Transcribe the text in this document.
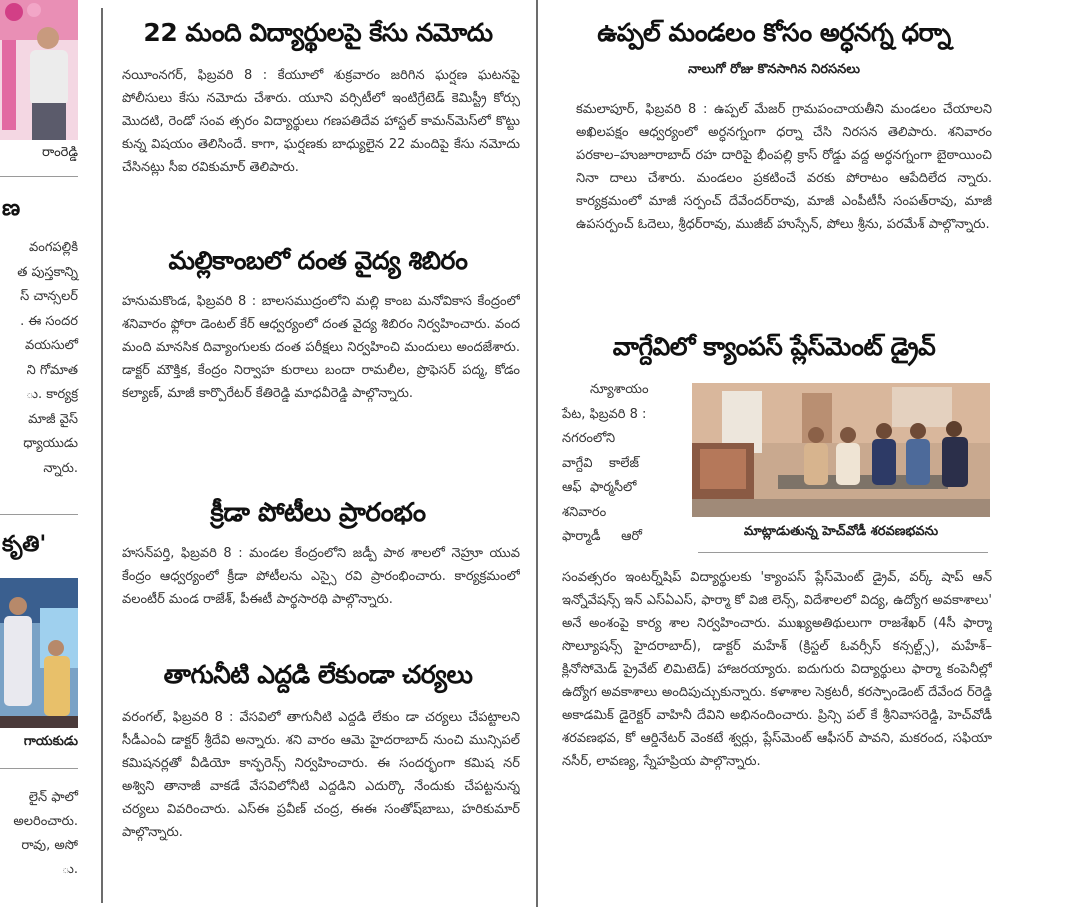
రాంరెడ్డి
ణ
వంగపల్లికి
త పుస్తకాన్ని
స్ చాన్సలర్
. ఈ సందర
వయసులో
ని గోమాత
ు. కార్యక్ర
మాజీ వైస్
ధ్యాయుడు
న్నారు.
కృతి'
గాయకుడు
లైన్ ఫాలో
అలరించారు.
రావు, అసో
ు.
22 మంది విద్యార్థులపై కేసు నమోదు

నయీంనగర్, ఫిబ్రవరి 8 : కేయూలో శుక్రవారం జరిగిన ఘర్షణ ఘటనపై పోలీసులు కేసు నమోదు చేశారు. యూని వర్సిటీలో ఇంటిగ్రేటెడ్ కెమిస్ట్రీ కోర్సు మొదటి, రెండో సంవ త్సరం విద్యార్థులు గణపతిదేవ హాస్టల్ కామన్‌మెస్‌లో కొట్టు కున్న విషయం తెలిసిందే. కాగా, ఘర్షణకు బాధ్యులైన 22 మందిపై కేసు నమోదు చేసినట్లు సీఐ రవికుమార్ తెలిపారు.

మల్లికాంబలో దంత వైద్య శిబిరం

హనుమకొండ, ఫిబ్రవరి 8 : బాలసముద్రంలోని మల్లి కాంబ మనోవికాస కేంద్రంలో శనివారం ఫ్లోరా డెంటల్ కేర్ ఆధ్వర్యంలో దంత వైద్య శిబిరం నిర్వహించారు. వంద మంది మానసిక దివ్యాంగులకు దంత పరీక్షలు నిర్వహించి మందులు అందజేశారు. డాక్టర్ మౌక్తిక, కేంద్రం నిర్వాహ కురాలు బందా రామలీల, ప్రొఫెసర్ పద్మ, కోడం కల్యాణ్, మాజీ కార్పొరేటర్ కేతిరెడ్డి మాధవీరెడ్డి పాల్గొన్నారు.

క్రీడా పోటీలు ప్రారంభం

హసన్‌పర్తి, ఫిబ్రవరి 8 : మండల కేంద్రంలోని జడ్పీ పాఠ శాలలో నెహ్రూ యువ కేంద్రం ఆధ్వర్యంలో క్రీడా పోటీలను ఎస్సై రవి ప్రారంభించారు. కార్యక్రమంలో వలంటీర్ మండ రాజేశ్, పీఈటీ పార్థసారథి పాల్గొన్నారు.

తాగునీటి ఎద్దడి లేకుండా చర్యలు

వరంగల్, ఫిబ్రవరి 8 : వేసవిలో తాగునీటి ఎద్దడి లేకుం డా చర్యలు చేపట్టాలని సీడీఎంఏ డాక్టర్ శ్రీదేవి అన్నారు. శని వారం ఆమె హైదరాబాద్ నుంచి మున్సిపల్ కమిషనర్లతో వీడియో కాన్ఫరెన్స్ నిర్వహించారు. ఈ సందర్భంగా కమిష నర్ అశ్విని తానాజీ వాకడే వేసవిలోనీటి ఎద్దడిని ఎదుర్కొ నేందుకు చేపట్టనున్న చర్యలు వివరించారు. ఎస్ఈ ప్రవీణ్ చంద్ర, ఈఈ సంతోష్‌బాబు, హరికుమార్ పాల్గొన్నారు.

ఉప్పల్ మండలం కోసం అర్ధనగ్న ధర్నా
నాలుగో రోజు కొనసాగిన నిరసనలు

కమలాపూర్, ఫిబ్రవరి 8 : ఉప్పల్ మేజర్ గ్రామపంచాయతీని మండలం చేయాలని అఖిలపక్షం ఆధ్వర్యంలో అర్ధనగ్నంగా ధర్నా చేసి నిరసన తెలిపారు. శనివారం పరకాల–హుజూరాబాద్ రహ దారిపై భీంపల్లి క్రాస్ రోడ్డు వద్ద అర్ధనగ్నంగా బైఠాయించి నినా దాలు చేశారు. మండలం ప్రకటించే వరకు పోరాటం ఆపేదిలేద న్నారు. కార్యక్రమంలో మాజీ సర్పంచ్ దేవేందర్‌రావు, మాజీ ఎంపీటీసీ సంపత్‌రావు, మాజీ ఉపసర్పంచ్ ఓదెలు, శ్రీధర్‌రావు, ముజీబ్ హుస్సేన్, పోలు శ్రీను, పరమేశ్ పాల్గొన్నారు.

వాగ్దేవిలో క్యాంపస్ ప్లేస్‌మెంట్ డ్రైవ్
న్యూశాయం
పేట, ఫిబ్రవరి 8 :
నగరంలోని
వాగ్దేవి    కాలేజ్
ఆఫ్  ఫార్మసీలో
శనివారం
ఫార్మాడీ     ఆరో	మాట్లాడుతున్న హెచ్‌వోడీ శరవణభవను

సంవత్సరం ఇంటర్న్‌షిప్ విద్యార్థులకు 'క్యాంపస్ ప్లేస్‌మెంట్ డ్రైవ్, వర్క్ షాప్ ఆన్ ఇన్నోవేషన్స్ ఇన్ ఎస్ఏఎస్, ఫార్మా కో విజి లెన్స్, విదేశాలలో విద్య, ఉద్యోగ అవకాశాలు' అనే అంశంపై కార్య శాల నిర్వహించారు. ముఖ్యఅతిథులుగా రాజశేఖర్ (4సీ ఫార్మా సొల్యూషన్స్ హైదరాబాద్), డాక్టర్ మహేశ్ (క్రిస్టల్ ఓవర్సీస్ కన్సల్ట్స్), మహేశ్–క్లినోసోమెడ్ ప్రైవేట్ లిమిటెడ్) హాజరయ్యారు. ఐదుగురు విద్యార్థులు ఫార్మా కంపెనీల్లో ఉద్యోగ అవకాశాలు అందిపుచ్చుకున్నారు. కళాశాల సెక్రటరీ, కరస్పాండెంట్ దేవేంద ర్‌రెడ్డి అకాడమిక్ డైరెక్టర్ వాహినీ దేవిని అభినందించారు. ప్రిన్సి పల్ కే శ్రీనివాసరెడ్డి, హెచ్‌వోడీ శరవణభవ, కో ఆర్డినేటర్ వెంకటే శ్వర్లు, ప్లేస్‌మెంట్ ఆఫీసర్ పావని, మకరంద, సఫియా నసీర్, లావణ్య, స్నేహప్రియ పాల్గొన్నారు.
